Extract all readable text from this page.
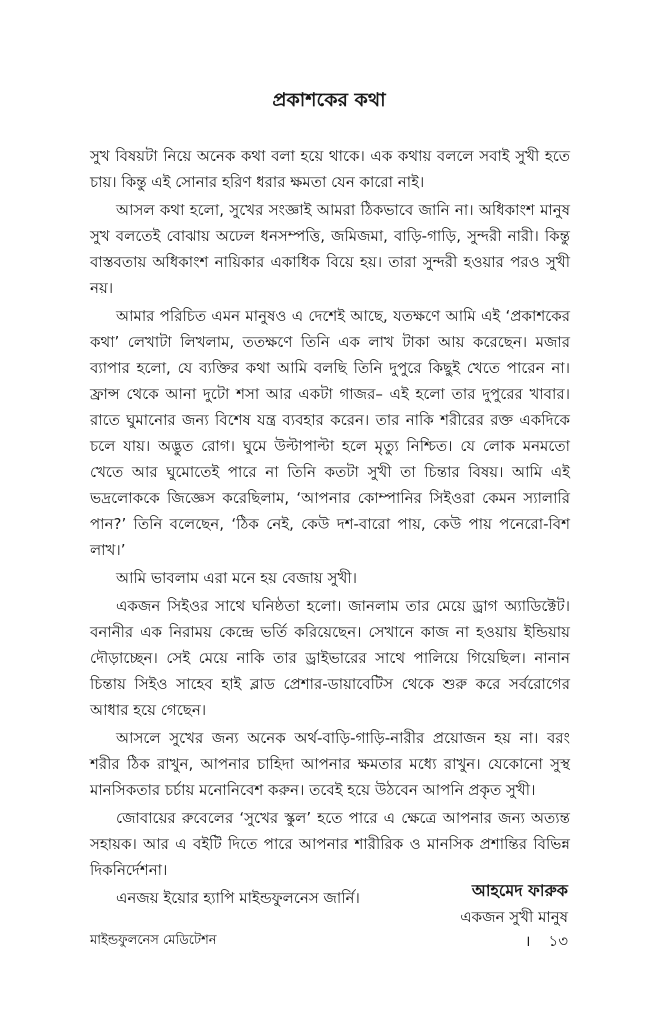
প্রকাশকের কথা

সুখ বিষয়টা নিয়ে অনেক কথা বলা হয়ে থাকে। এক কথায় বললে সবাই সুখী হতে চায়। কিন্তু এই সোনার হরিণ ধরার ক্ষমতা যেন কারো নাই।

আসল কথা হলো, সুখের সংজ্ঞাই আমরা ঠিকভাবে জানি না। অধিকাংশ মানুষ সুখ বলতেই বোঝায় অঢেল ধনসম্পত্তি, জমিজমা, বাড়ি-গাড়ি, সুন্দরী নারী। কিন্তু বাস্তবতায় অধিকাংশ নায়িকার একাধিক বিয়ে হয়। তারা সুন্দরী হওয়ার পরও সুখী নয়।

আমার পরিচিত এমন মানুষও এ দেশেই আছে, যতক্ষণে আমি এই ‘প্রকাশকের কথা’ লেখাটা লিখলাম, ততক্ষণে তিনি এক লাখ টাকা আয় করেছেন। মজার ব্যাপার হলো, যে ব্যক্তির কথা আমি বলছি তিনি দুপুরে কিছুই খেতে পারেন না। ফ্রান্স থেকে আনা দুটো শসা আর একটা গাজর– এই হলো তার দুপুরের খাবার। রাতে ঘুমানোর জন্য বিশেষ যন্ত্র ব্যবহার করেন। তার নাকি শরীরের রক্ত একদিকে চলে যায়। অদ্ভুত রোগ। ঘুমে উল্টাপাল্টা হলে মৃত্যু নিশ্চিত। যে লোক মনমতো খেতে আর ঘুমোতেই পারে না তিনি কতটা সুখী তা চিন্তার বিষয়। আমি এই ভদ্রলোককে জিজ্ঞেস করেছিলাম, ‘আপনার কোম্পানির সিইওরা কেমন স্যালারি পান?’ তিনি বলেছেন, ‘ঠিক নেই, কেউ দশ-বারো পায়, কেউ পায় পনেরো-বিশ লাখ।’

আমি ভাবলাম এরা মনে হয় বেজায় সুখী।

একজন সিইওর সাথে ঘনিষ্ঠতা হলো। জানলাম তার মেয়ে ড্রাগ অ্যাডিক্টেট। বনানীর এক নিরাময় কেন্দ্রে ভর্তি করিয়েছেন। সেখানে কাজ না হওয়ায় ইন্ডিয়ায় দৌড়াচ্ছেন। সেই মেয়ে নাকি তার ড্রাইভারের সাথে পালিয়ে গিয়েছিল। নানান চিন্তায় সিইও সাহেব হাই ব্লাড প্রেশার-ডায়াবেটিস থেকে শুরু করে সর্বরোগের আধার হয়ে গেছেন।

আসলে সুখের জন্য অনেক অর্থ-বাড়ি-গাড়ি-নারীর প্রয়োজন হয় না। বরং শরীর ঠিক রাখুন, আপনার চাহিদা আপনার ক্ষমতার মধ্যে রাখুন। যেকোনো সুস্থ মানসিকতার চর্চায় মনোনিবেশ করুন। তবেই হয়ে উঠবেন আপনি প্রকৃত সুখী।

জোবায়ের রুবেলের ‘সুখের স্কুল’ হতে পারে এ ক্ষেত্রে আপনার জন্য অত্যন্ত সহায়ক। আর এ বইটি দিতে পারে আপনার শারীরিক ও মানসিক প্রশান্তির বিভিন্ন দিকনির্দেশনা।

এনজয় ইয়োর হ্যাপি মাইন্ডফুলনেস জার্নি।	আহমেদ ফারুক
একজন সুখী মানুষ
মাইন্ডফুলনেস মেডিটেশন	। ১৩
